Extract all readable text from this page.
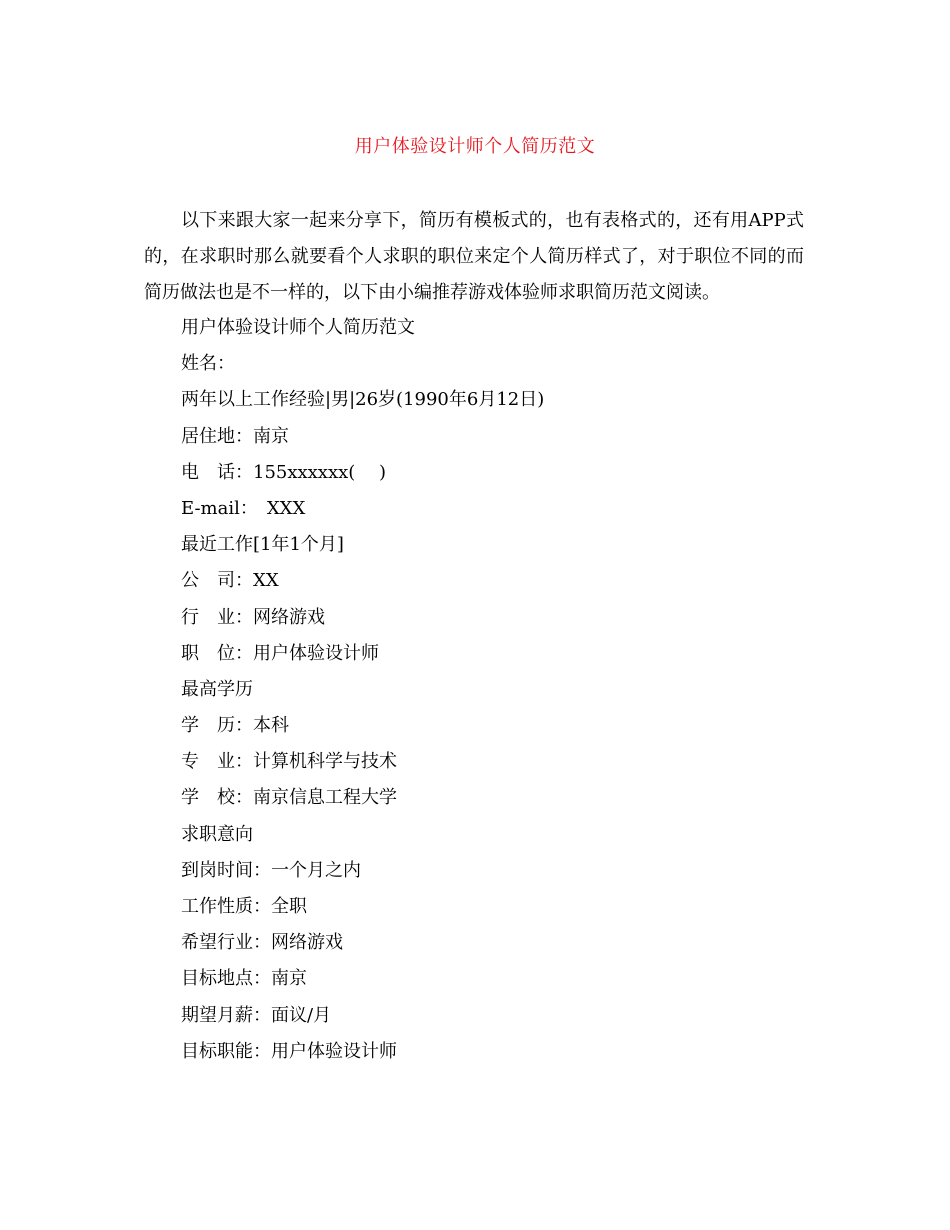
用户体验设计师个人简历范文

以下来跟大家一起来分享下，简历有模板式的，也有表格式的，还有用APP式的，在求职时那么就要看个人求职的职位来定个人简历样式了，对于职位不同的而简历做法也是不一样的，以下由小编推荐游戏体验师求职简历范文阅读。

用户体验设计师个人简历范文
姓名：
两年以上工作经验|男|26岁(1990年6月12日)
居住地：南京
电　话：155xxxxxx(　 )
E-mail：　XXX
最近工作[1年1个月]
公　司：XX
行　业：网络游戏
职　位：用户体验设计师
最高学历
学　历：本科
专　业：计算机科学与技术
学　校：南京信息工程大学
求职意向
到岗时间：一个月之内
工作性质：全职
希望行业：网络游戏
目标地点：南京
期望月薪：面议/月
目标职能：用户体验设计师
